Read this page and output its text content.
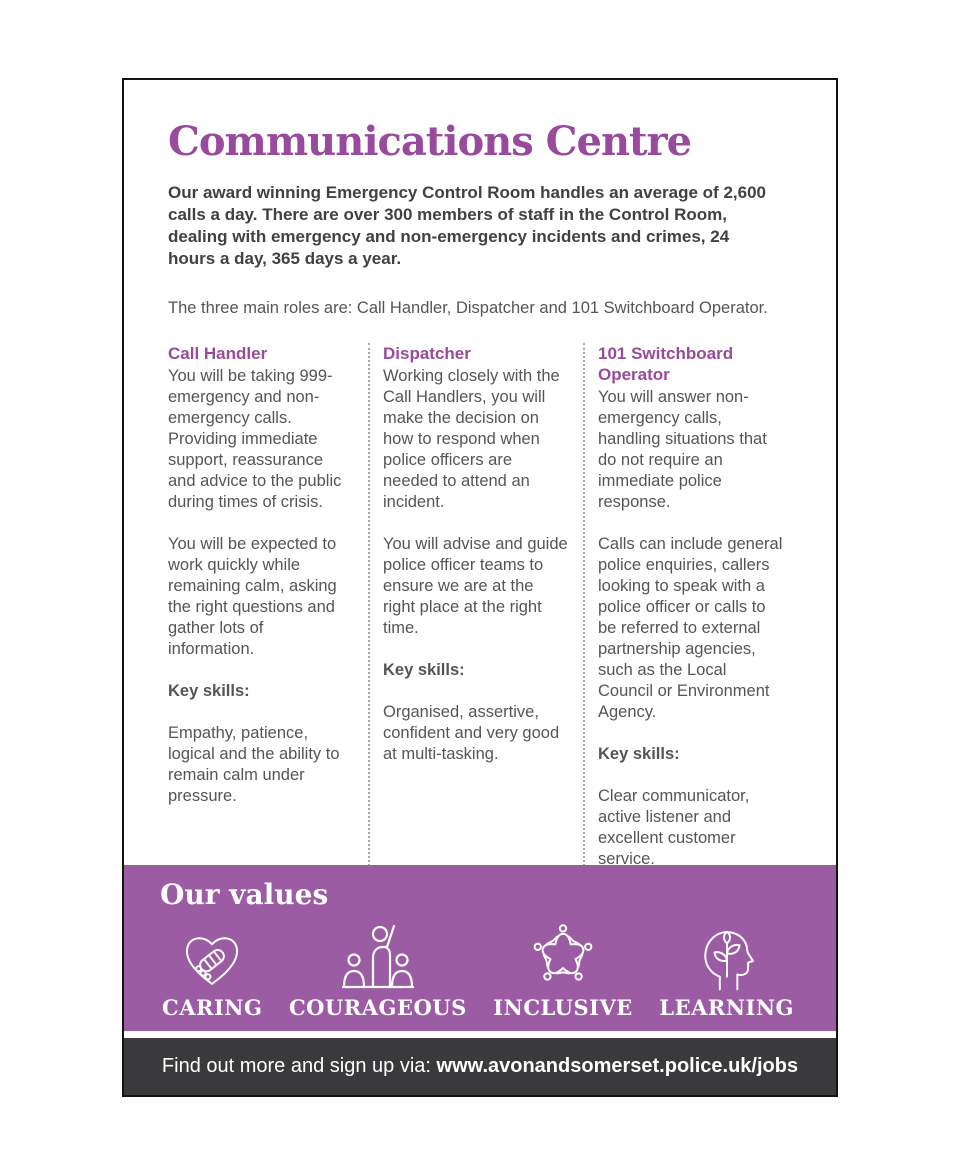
Communications Centre

Our award winning Emergency Control Room handles an average of 2,600 calls a day. There are over 300 members of staff in the Control Room, dealing with emergency and non-emergency incidents and crimes, 24 hours a day, 365 days a year.

The three main roles are: Call Handler, Dispatcher and 101 Switchboard Operator.

Call Handler

You will be taking 999-emergency and non-emergency calls. Providing immediate support, reassurance and advice to the public during times of crisis.

You will be expected to work quickly while remaining calm, asking the right questions and gather lots of information.

Key skills:

Empathy, patience, logical and the ability to remain calm under pressure.

Dispatcher

Working closely with the Call Handlers, you will make the decision on how to respond when police officers are needed to attend an incident.

You will advise and guide police officer teams to ensure we are at the right place at the right time.

Key skills:

Organised, assertive, confident and very good at multi-tasking.

101 Switchboard Operator

You will answer non-emergency calls, handling situations that do not require an immediate police response.

Calls can include general police enquiries, callers looking to speak with a police officer or calls to be referred to external partnership agencies, such as the Local Council or Environment Agency.

Key skills:

Clear communicator, active listener and excellent customer service.

Our values
CARING COURAGEOUS INCLUSIVE LEARNING
Find out more and sign up via: www.avonandsomerset.police.uk/jobs
